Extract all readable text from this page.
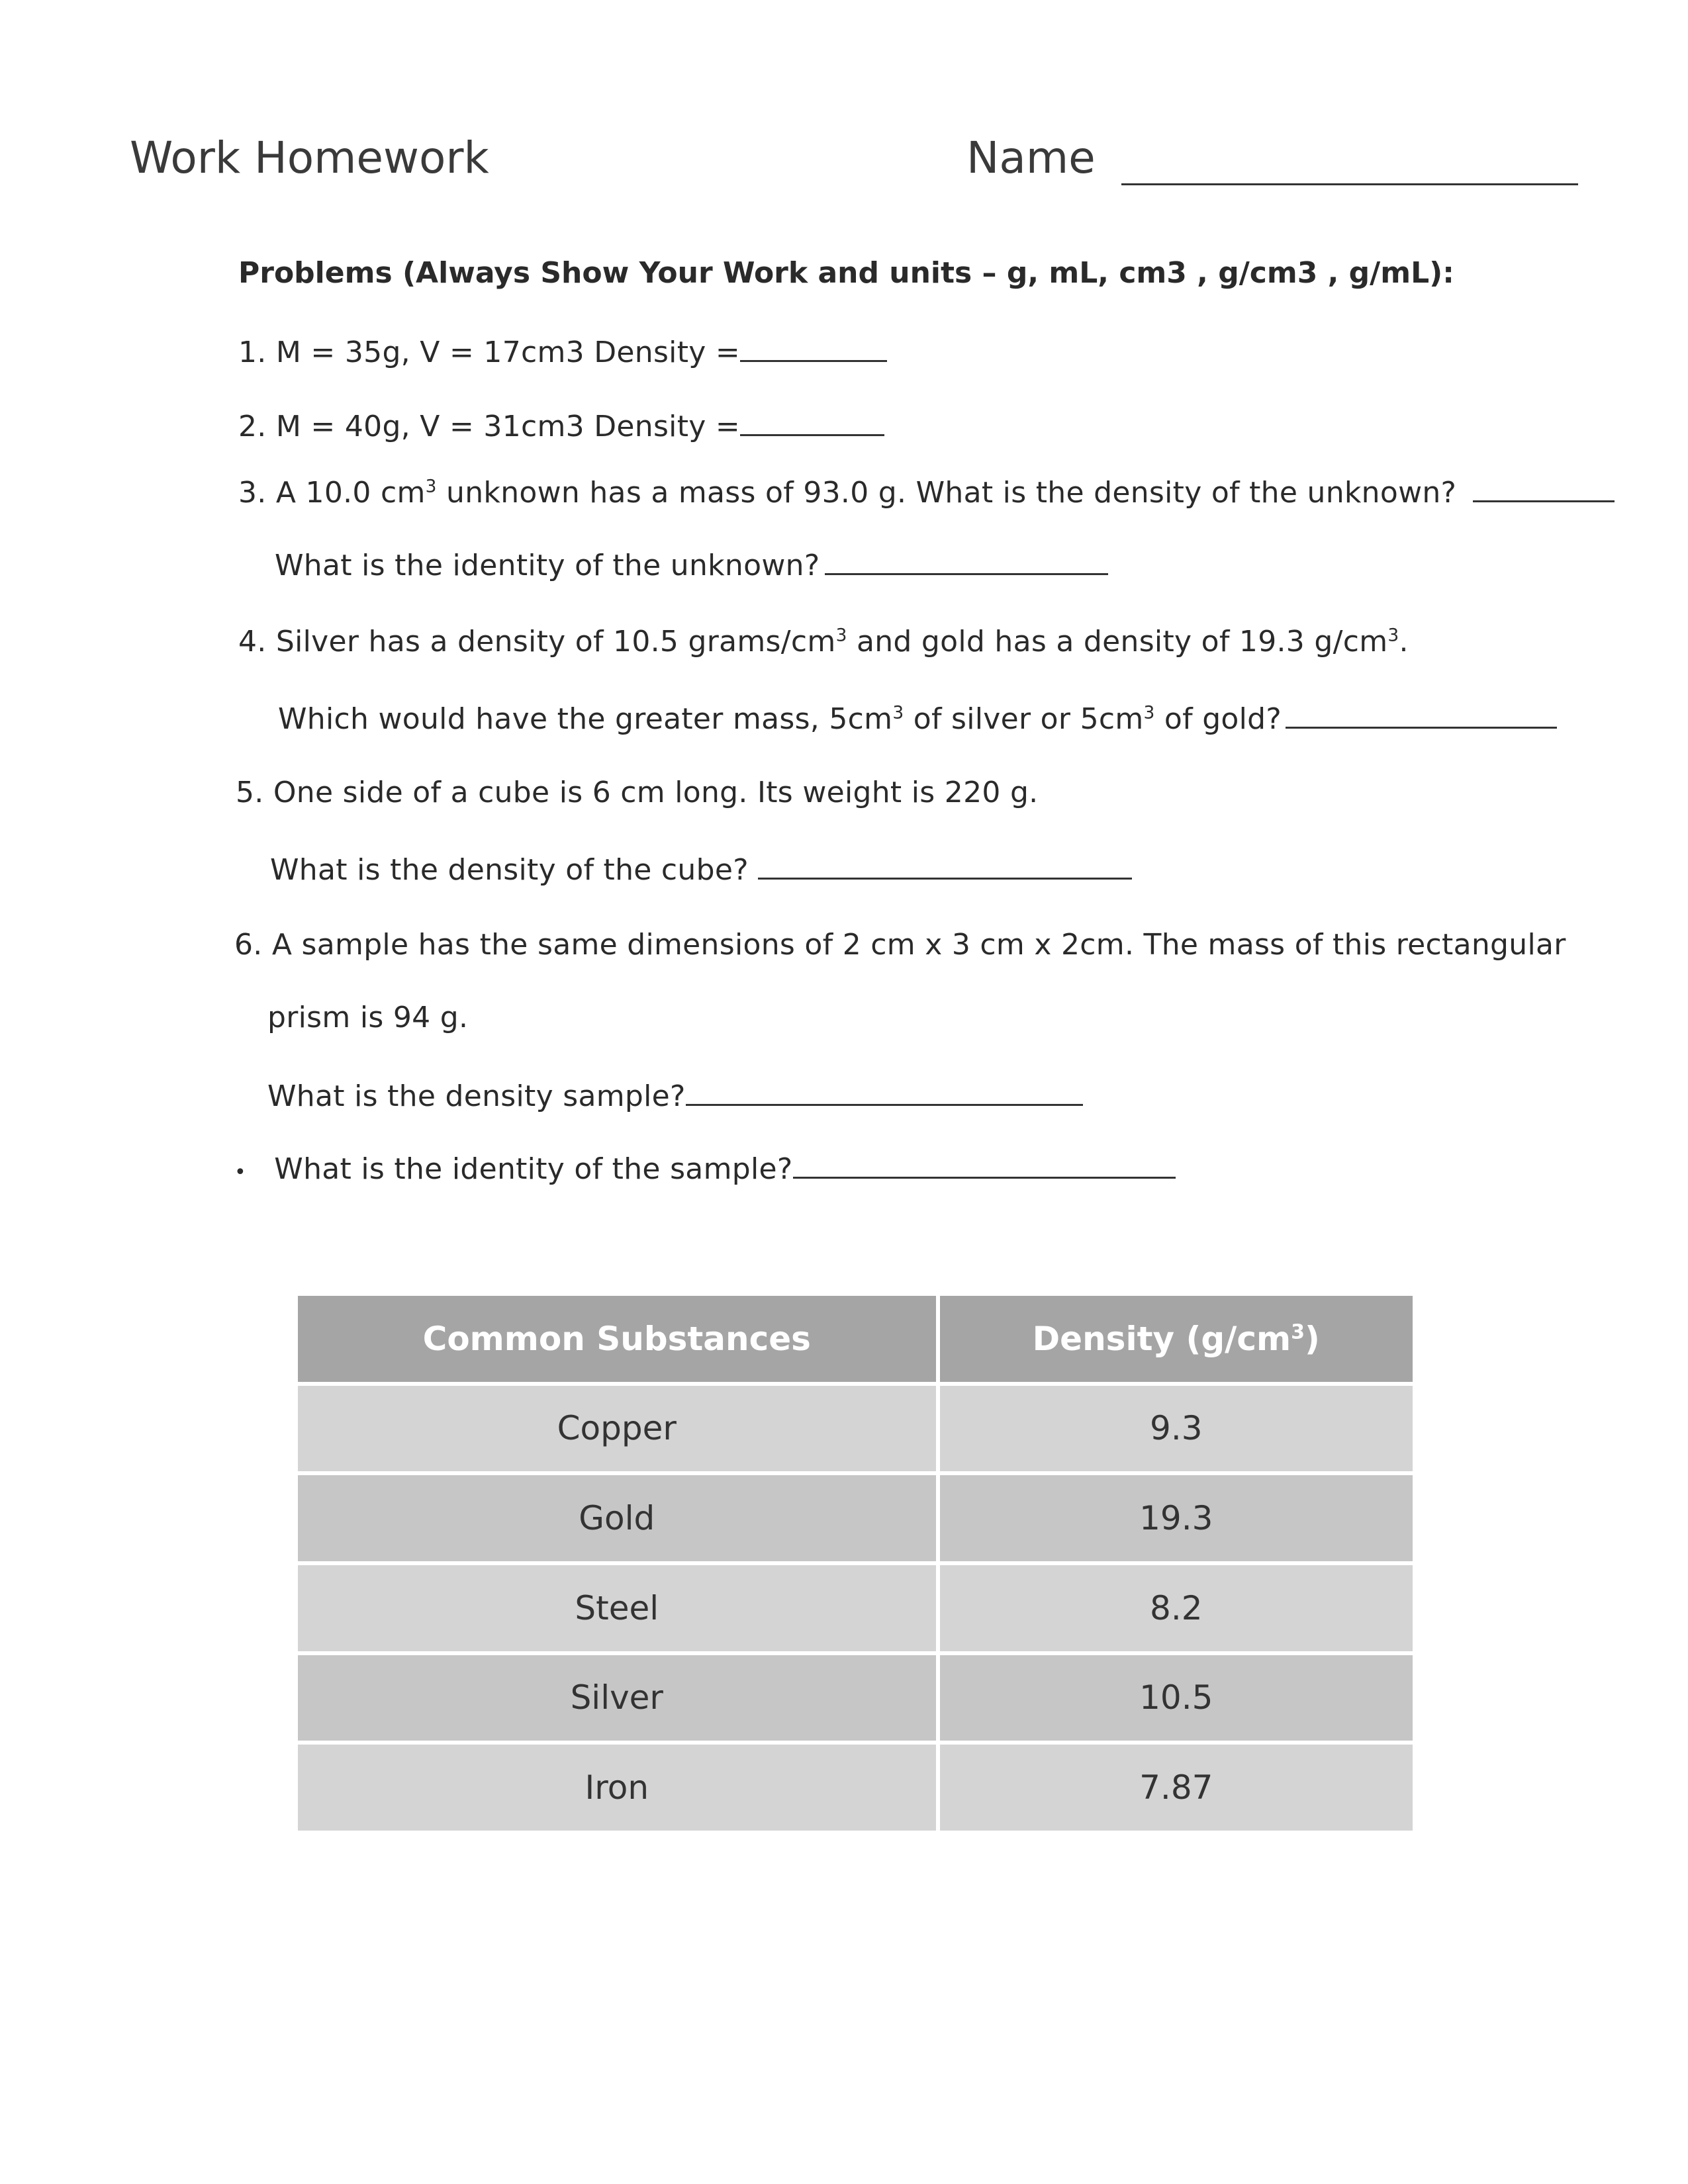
Work Homework	Name
Problems (Always Show Your Work and units – g, mL, cm3 , g/cm3 , g/mL):
1. M = 35g, V = 17cm3 Density =
2. M = 40g, V = 31cm3 Density =
3. A 10.0 $cm^3$ unknown has a mass of 93.0 g. What is the density of the unknown?
What is the identity of the unknown?
4. Silver has a density of 10.5 grams/$cm^3$ and gold has a density of 19.3 $g/cm^3$.
Which would have the greater mass, $5cm^3$ of silver or $5cm^3$ of gold?
5. One side of a cube is 6 cm long. Its weight is 220 g.
What is the density of the cube?
6. A sample has the same dimensions of 2 cm x 3 cm x 2cm. The mass of this rectangular
prism is 94 g.
What is the density sample?
• What is the identity of the sample?
Common Substances	Density $(g/cm^3)$
Copper	9.3
Gold	19.3
Steel	8.2
Silver	10.5
Iron	7.87
